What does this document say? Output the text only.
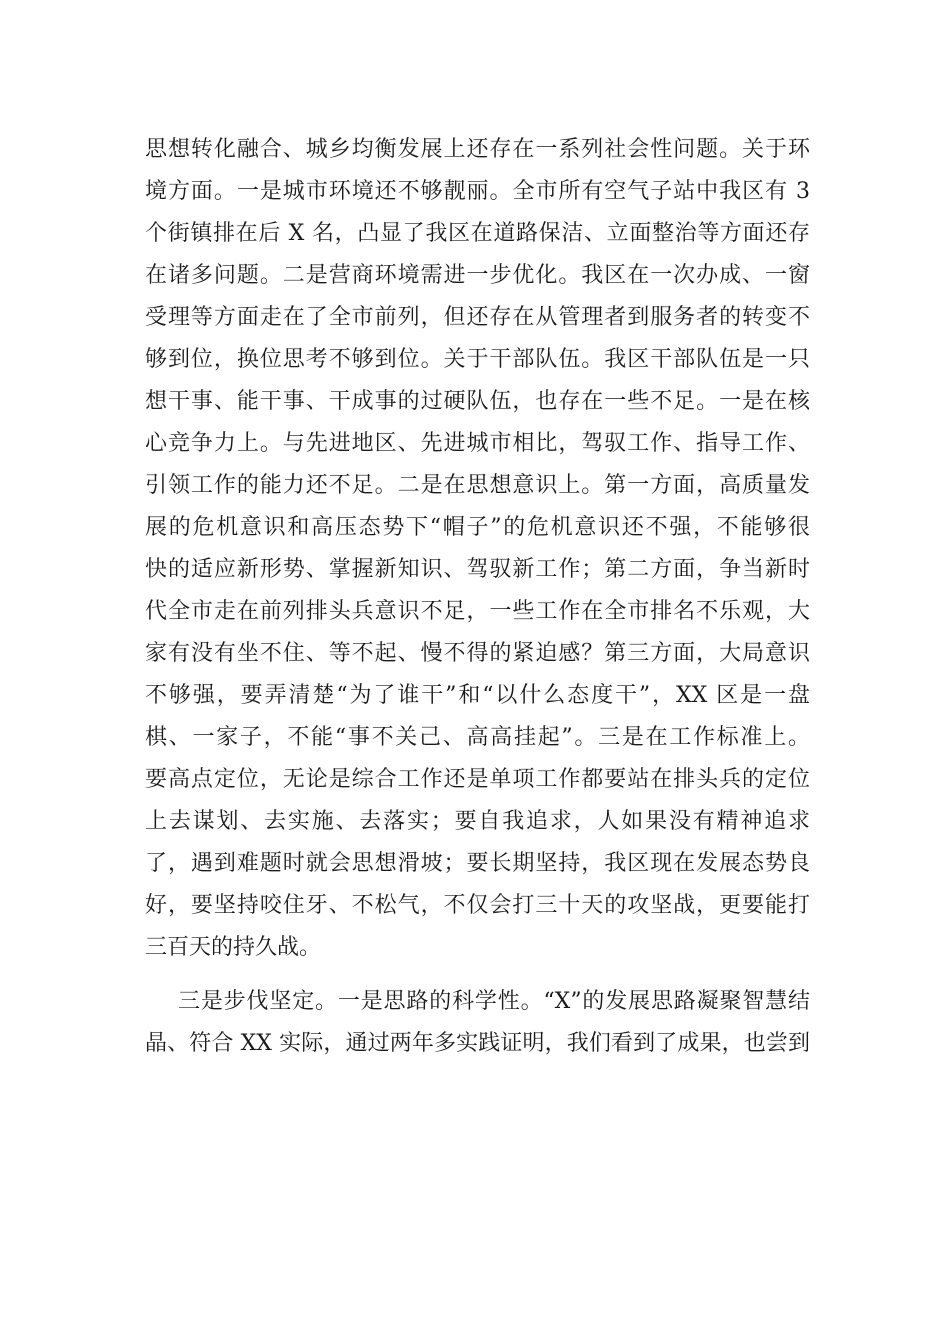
思想转化融合、城乡均衡发展上还存在一系列社会性问题。关于环
境方面。一是城市环境还不够靓丽。全市所有空气子站中我区有 3
个街镇排在后 X 名，凸显了我区在道路保洁、立面整治等方面还存
在诸多问题。二是营商环境需进一步优化。我区在一次办成、一窗
受理等方面走在了全市前列，但还存在从管理者到服务者的转变不
够到位，换位思考不够到位。关于干部队伍。我区干部队伍是一只
想干事、能干事、干成事的过硬队伍，也存在一些不足。一是在核
心竞争力上。与先进地区、先进城市相比，驾驭工作、指导工作、
引领工作的能力还不足。二是在思想意识上。第一方面，高质量发
展的危机意识和高压态势下“帽子”的危机意识还不强，不能够很
快的适应新形势、掌握新知识、驾驭新工作；第二方面，争当新时
代全市走在前列排头兵意识不足，一些工作在全市排名不乐观，大
家有没有坐不住、等不起、慢不得的紧迫感？第三方面，大局意识
不够强，要弄清楚“为了谁干”和“以什么态度干”，XX 区是一盘
棋、一家子，不能“事不关己、高高挂起”。三是在工作标准上。
要高点定位，无论是综合工作还是单项工作都要站在排头兵的定位
上去谋划、去实施、去落实；要自我追求，人如果没有精神追求
了，遇到难题时就会思想滑坡；要长期坚持，我区现在发展态势良
好，要坚持咬住牙、不松气，不仅会打三十天的攻坚战，更要能打
三百天的持久战。
三是步伐坚定。一是思路的科学性。“X”的发展思路凝聚智慧结
晶、符合 XX 实际，通过两年多实践证明，我们看到了成果，也尝到
